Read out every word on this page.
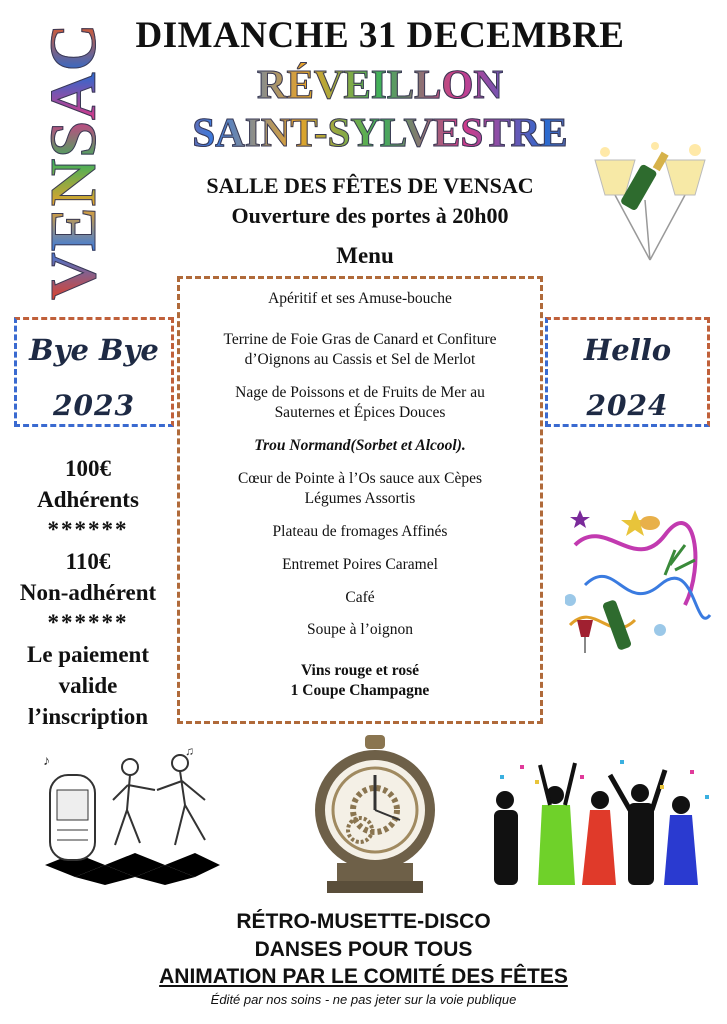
DIMANCHE 31 DECEMBRE
RÉVEILLON
SAINT-SYLVESTRE
VENSAC	SALLE DES FÊTES DE VENSAC
Ouverture des portes à 20h00
Menu
Apéritif et ses Amuse-bouche
Terrine de Foie Gras de Canard et Confiture
d’Oignons au Cassis et Sel de Merlot
Nage de Poissons et de Fruits de Mer au
Sauternes et Épices Douces
Trou Normand(Sorbet et Alcool).
Cœur de Pointe à l’Os sauce aux Cèpes
Légumes Assortis
Plateau de fromages Affinés
Entremet Poires Caramel
Café
Soupe à l’oignon
Vins rouge et rosé
1 Coupe Champagne
Bye Bye
2023
Hello
2024
100€
Adhérents
******
110€
Non-adhérent
******
Le paiement
valide
l’inscription
♪
♫
RÉTRO-MUSETTE-DISCO
DANSES POUR TOUS
ANIMATION PAR LE COMITÉ DES FÊTES
Édité par nos soins - ne pas jeter sur la voie publique
